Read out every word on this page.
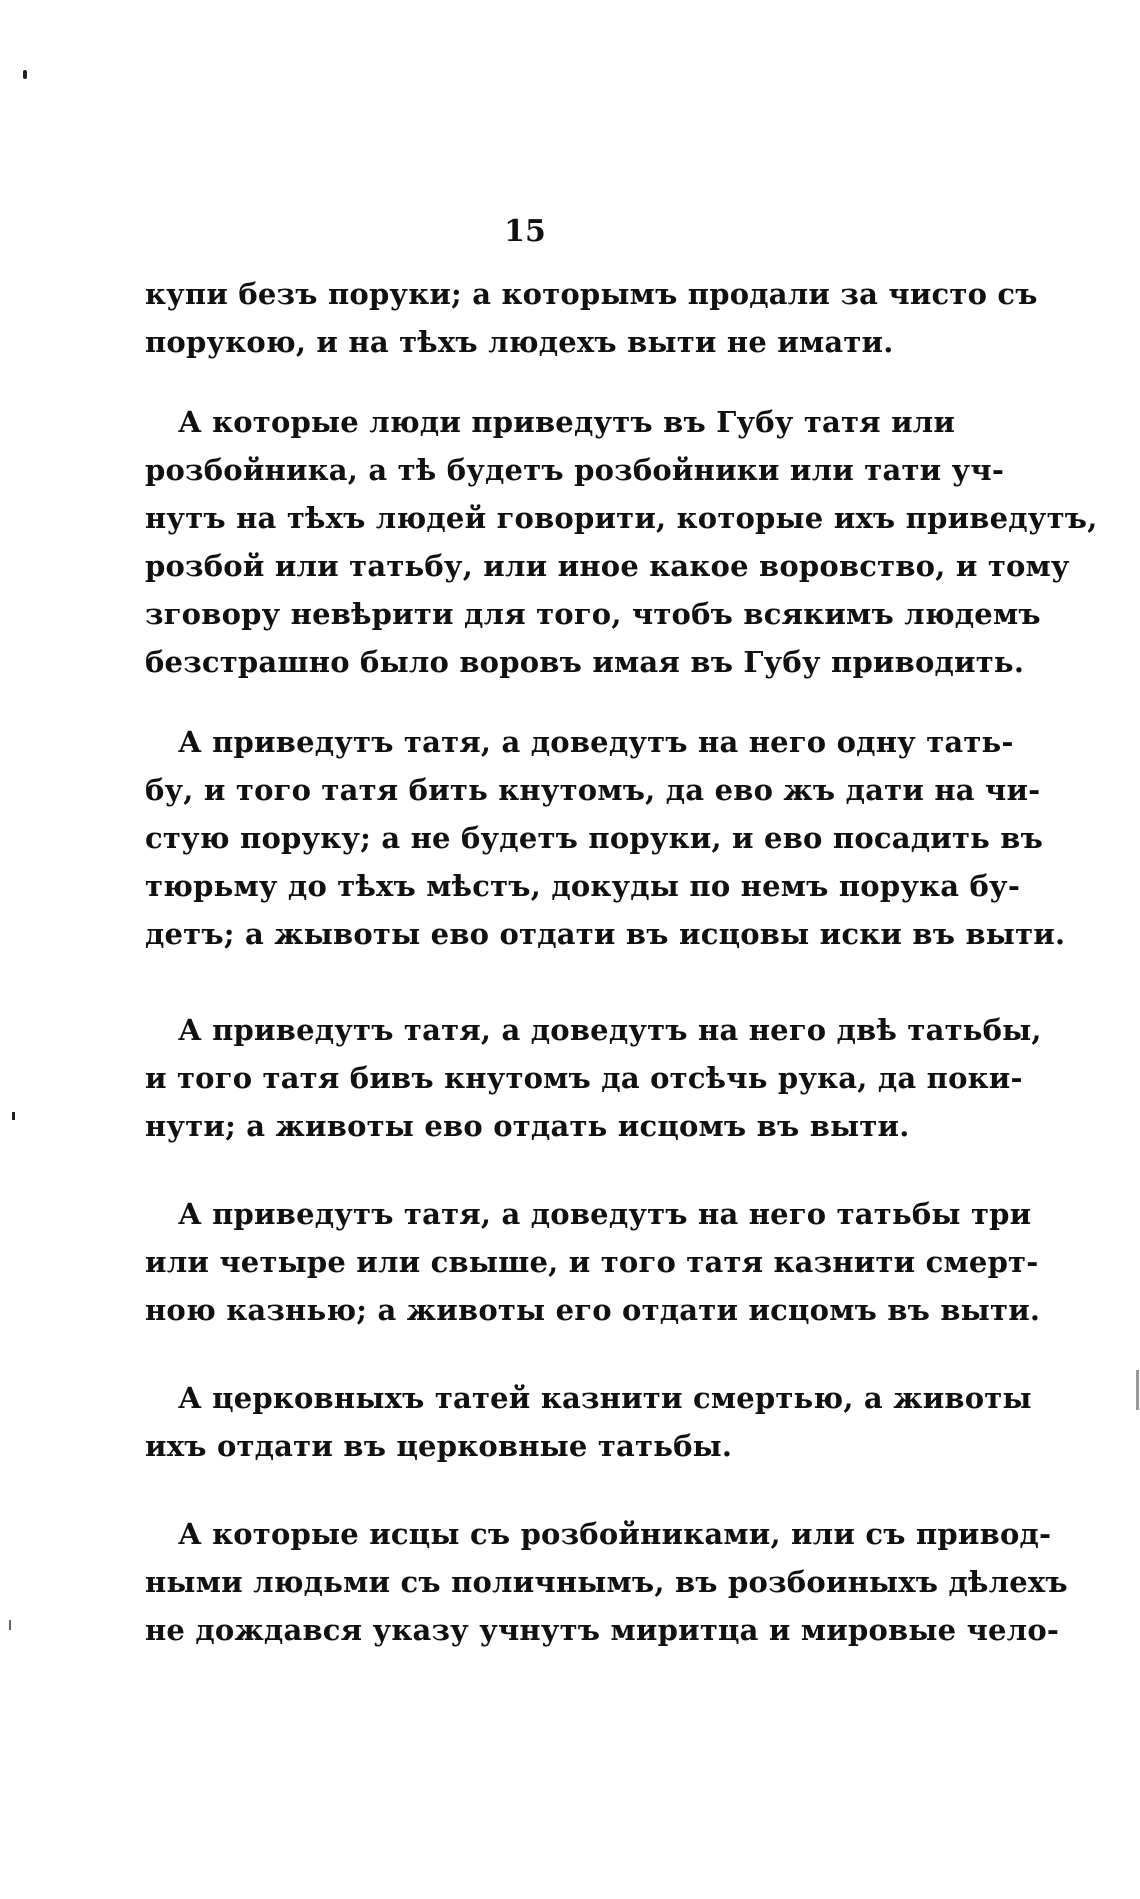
15
купи безъ поруки; а которымъ продали за чисто съ
порукою, и на тѣхъ людехъ выти не имати.
А которые люди приведутъ въ Губу татя или
розбойника, а тѣ будетъ розбойники или тати уч-
нутъ на тѣхъ людей говорити, которые ихъ приведутъ,
розбой или татьбу, или иное какое воровство, и тому
зговору невѣрити для того, чтобъ всякимъ людемъ
безстрашно было воровъ имая въ Губу приводить.
А приведутъ татя, а доведутъ на него одну тать-
бу, и того татя бить кнутомъ, да ево жъ дати на чи-
стую поруку; а не будетъ поруки, и ево посадить въ
тюрьму до тѣхъ мѣстъ, докуды по немъ порука бу-
детъ; а жывоты ево отдати въ исцовы иски въ выти.
А приведутъ татя, а доведутъ на него двѣ татьбы,
и того татя бивъ кнутомъ да отсѣчь рука, да поки-
нути; а животы ево отдать исцомъ въ выти.
А приведутъ татя, а доведутъ на него татьбы три
или четыре или свыше, и того татя казнити смерт-
ною казнью; а животы его отдати исцомъ въ выти.
А церковныхъ татей казнити смертью, а животы
ихъ отдати въ церковные татьбы.
А которые исцы съ розбойниками, или съ привод-
ными людьми съ поличнымъ, въ розбоиныхъ дѣлехъ
не дождався указу учнутъ миритца и мировые чело-
